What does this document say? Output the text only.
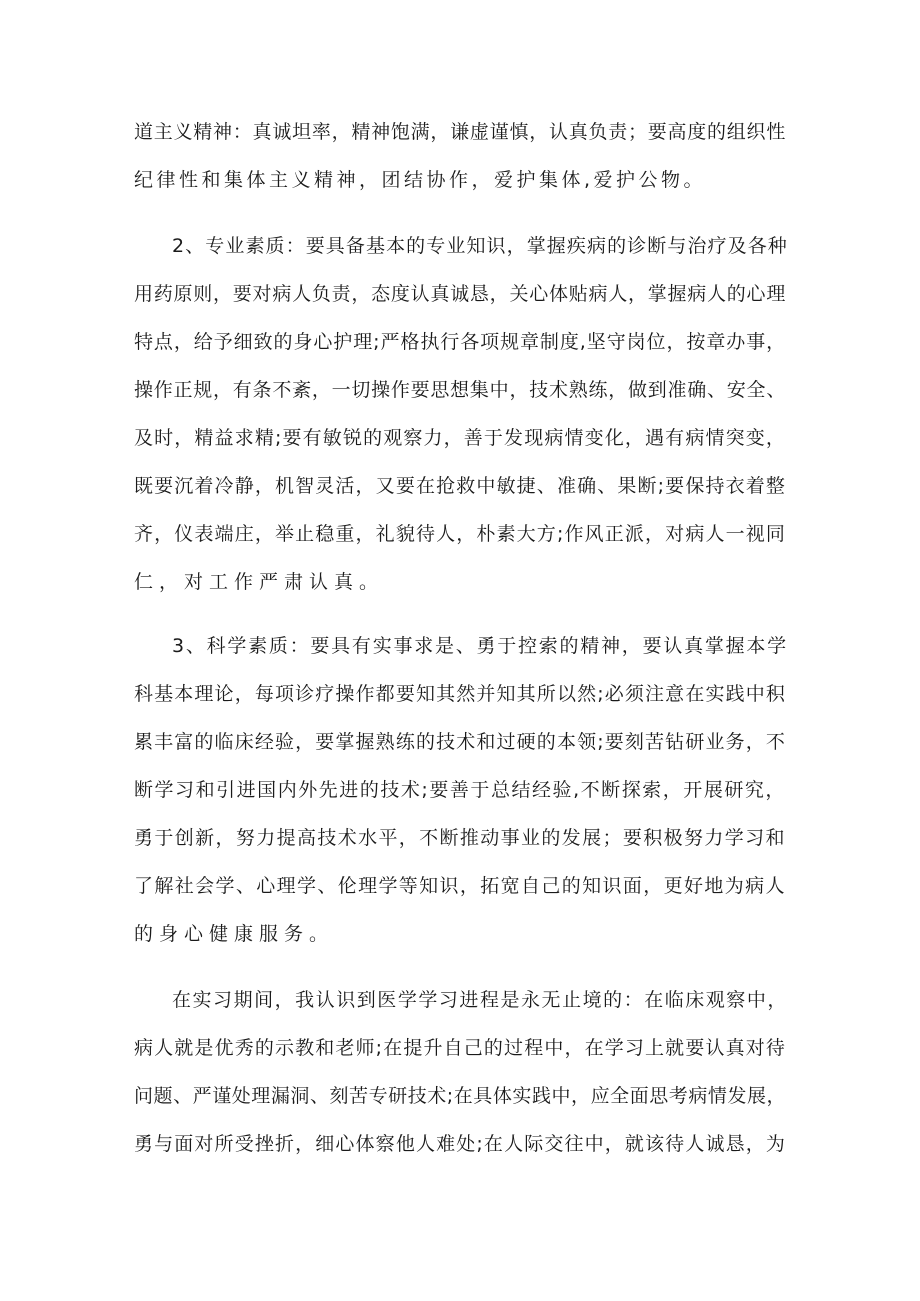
道主义精神：真诚坦率，精神饱满，谦虚谨慎，认真负责；要高度的组织性
纪律性和集体主义精神，团结协作，爱护集体,爱护公物。
2、专业素质：要具备基本的专业知识，掌握疾病的诊断与治疗及各种
用药原则，要对病人负责，态度认真诚恳，关心体贴病人，掌握病人的心理
特点，给予细致的身心护理;严格执行各项规章制度,坚守岗位，按章办事，
操作正规，有条不紊，一切操作要思想集中，技术熟练，做到准确、安全、
及时，精益求精;要有敏锐的观察力，善于发现病情变化，遇有病情突变，
既要沉着冷静，机智灵活，又要在抢救中敏捷、准确、果断;要保持衣着整
齐，仪表端庄，举止稳重，礼貌待人，朴素大方;作风正派，对病人一视同
仁，对工作严肃认真。
3、科学素质：要具有实事求是、勇于控索的精神，要认真掌握本学
科基本理论，每项诊疗操作都要知其然并知其所以然;必须注意在实践中积
累丰富的临床经验，要掌握熟练的技术和过硬的本领;要刻苦钻研业务，不
断学习和引进国内外先进的技术;要善于总结经验,不断探索，开展研究，
勇于创新，努力提高技术水平，不断推动事业的发展；要积极努力学习和
了解社会学、心理学、伦理学等知识，拓宽自己的知识面，更好地为病人
的身心健康服务。
在实习期间，我认识到医学学习进程是永无止境的：在临床观察中，
病人就是优秀的示教和老师;在提升自己的过程中，在学习上就要认真对待
问题、严谨处理漏洞、刻苦专研技术;在具体实践中，应全面思考病情发展，
勇与面对所受挫折，细心体察他人难处;在人际交往中，就该待人诚恳，为
